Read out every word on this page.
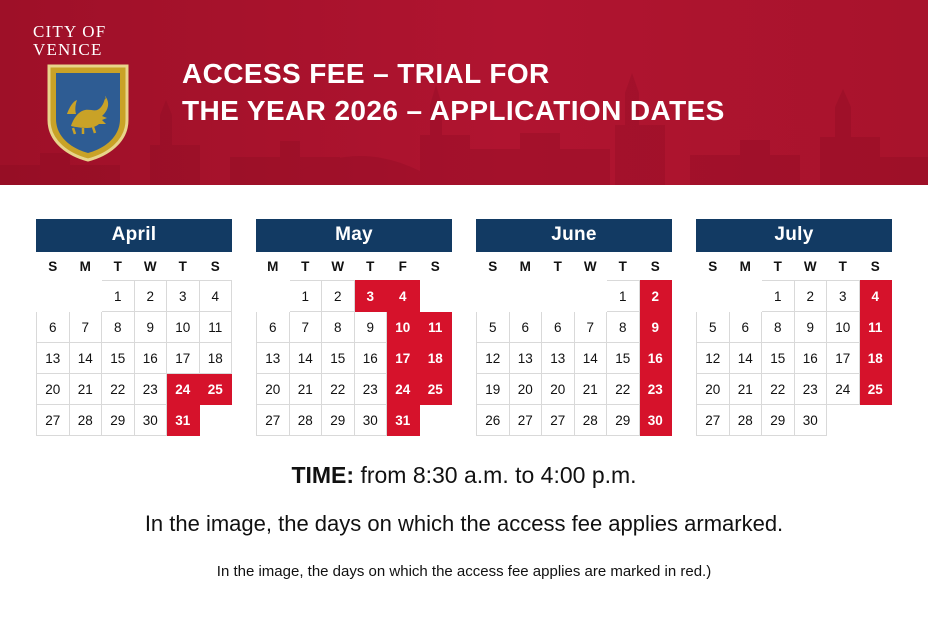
CITY OF
VENICE
ACCESS FEE – TRIAL FOR
THE YEAR 2026 – APPLICATION DATES
April
S	M	T	W	T	S
		1	2	3	4
6	7	8	9	10	11
13	14	15	16	17	18
20	21	22	23	24	25
27	28	29	30	31	
May
M	T	W	T	F	S
	1	2	3	4	
6	7	8	9	10	11
13	14	15	16	17	18
20	21	22	23	24	25
27	28	29	30	31	
June
S	M	T	W	T	S
				1	2
5	6	6	7	8	9
12	13	13	14	15	16
19	20	20	21	22	23
26	27	27	28	29	30
July
S	M	T	W	T	S
		1	2	3	4
5	6	8	9	10	11
12	14	15	16	17	18
20	21	22	23	24	25
27	28	29	30		
TIME: from 8:30 a.m. to 4:00 p.m.
In the image, the days on which the access fee applies armarked.
In the image, the days on which the access fee applies are marked in red.)
